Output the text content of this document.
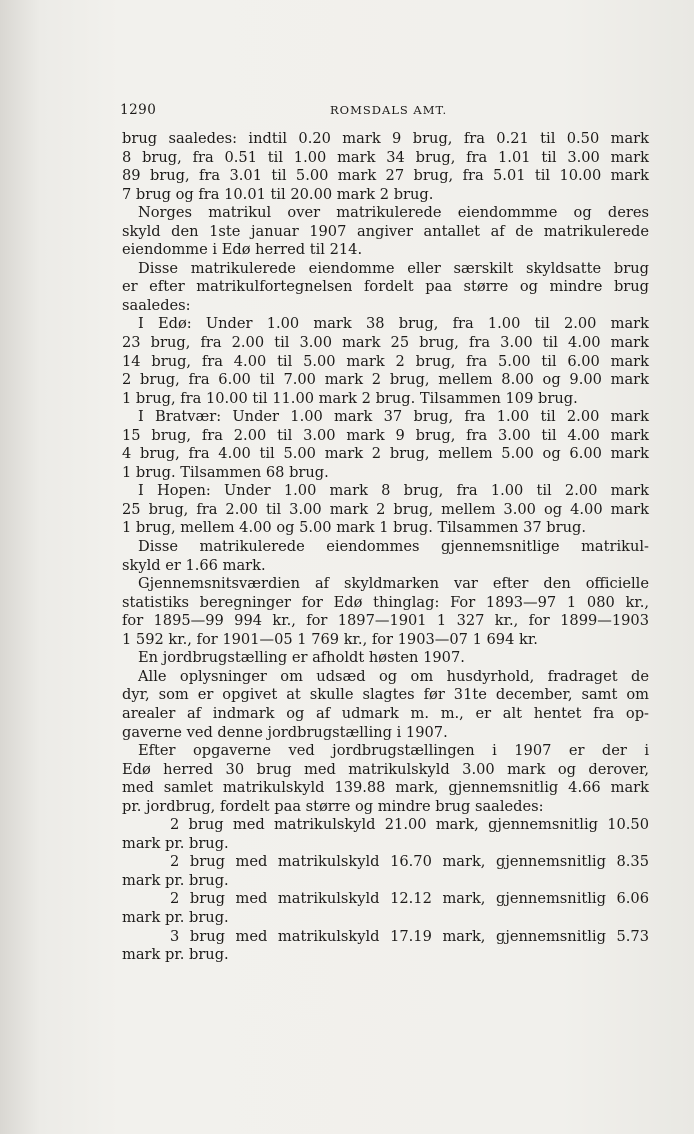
1290	ROMSDALS AMT.
brug saaledes: indtil 0.20 mark 9 brug, fra 0.21 til 0.50 mark
8 brug, fra 0.51 til 1.00 mark 34 brug, fra 1.01 til 3.00 mark
89 brug, fra 3.01 til 5.00 mark 27 brug, fra 5.01 til 10.00 mark
7 brug og fra 10.01 til 20.00 mark 2 brug.
Norges matrikul over matrikulerede eiendommme og deres
skyld den 1ste januar 1907 angiver antallet af de matrikulerede
eiendomme i Edø herred til 214.
Disse matrikulerede eiendomme eller særskilt skyldsatte brug
er efter matrikulfortegnelsen fordelt paa større og mindre brug
saaledes:
I Edø: Under 1.00 mark 38 brug, fra 1.00 til 2.00 mark
23 brug, fra 2.00 til 3.00 mark 25 brug, fra 3.00 til 4.00 mark
14 brug, fra 4.00 til 5.00 mark 2 brug, fra 5.00 til 6.00 mark
2 brug, fra 6.00 til 7.00 mark 2 brug, mellem 8.00 og 9.00 mark
1 brug, fra 10.00 til 11.00 mark 2 brug. Tilsammen 109 brug.
I Bratvær: Under 1.00 mark 37 brug, fra 1.00 til 2.00 mark
15 brug, fra 2.00 til 3.00 mark 9 brug, fra 3.00 til 4.00 mark
4 brug, fra 4.00 til 5.00 mark 2 brug, mellem 5.00 og 6.00 mark
1 brug. Tilsammen 68 brug.
I Hopen: Under 1.00 mark 8 brug, fra 1.00 til 2.00 mark
25 brug, fra 2.00 til 3.00 mark 2 brug, mellem 3.00 og 4.00 mark
1 brug, mellem 4.00 og 5.00 mark 1 brug. Tilsammen 37 brug.
Disse matrikulerede eiendommes gjennemsnitlige matrikul-
skyld er 1.66 mark.
Gjennemsnitsværdien af skyldmarken var efter den officielle
statistiks beregninger for Edø thinglag: For 1893—97 1 080 kr.,
for 1895—99 994 kr., for 1897—1901 1 327 kr., for 1899—1903
1 592 kr., for 1901—05 1 769 kr., for 1903—07 1 694 kr.
En jordbrugstælling er afholdt høsten 1907.
Alle oplysninger om udsæd og om husdyrhold, fradraget de
dyr, som er opgivet at skulle slagtes før 31te december, samt om
arealer af indmark og af udmark m. m., er alt hentet fra op-
gaverne ved denne jordbrugstælling i 1907.
Efter opgaverne ved jordbrugstællingen i 1907 er der i
Edø herred 30 brug med matrikulskyld 3.00 mark og derover,
med samlet matrikulskyld 139.88 mark, gjennemsnitlig 4.66 mark
pr. jordbrug, fordelt paa større og mindre brug saaledes:
2 brug med matrikulskyld 21.00 mark, gjennemsnitlig 10.50
mark pr. brug.
2 brug med matrikulskyld 16.70 mark, gjennemsnitlig 8.35
mark pr. brug.
2 brug med matrikulskyld 12.12 mark, gjennemsnitlig 6.06
mark pr. brug.
3 brug med matrikulskyld 17.19 mark, gjennemsnitlig 5.73
mark pr. brug.
